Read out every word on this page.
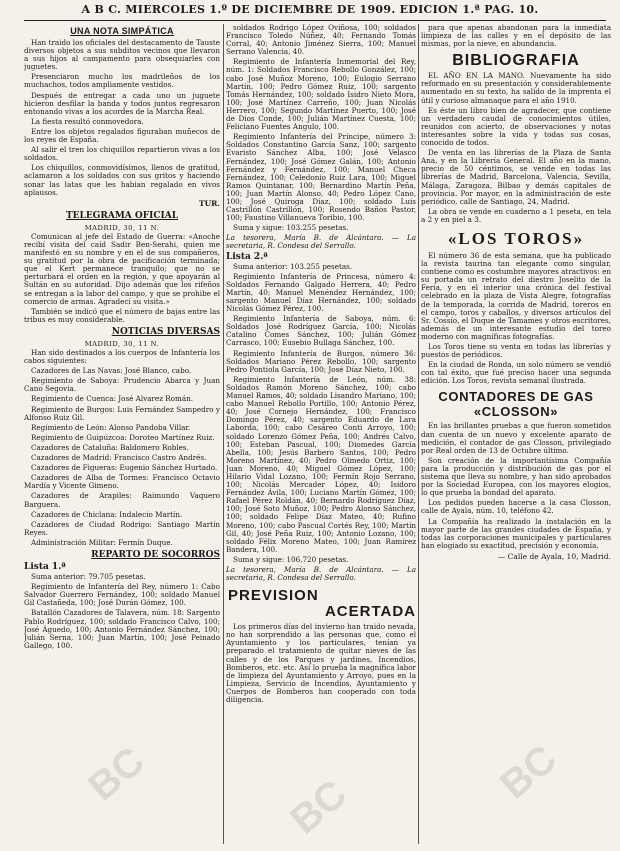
A B C. MIERCOLES 1.º DE DICIEMBRE DE 1909. EDICION 1.ª PAG. 10.
UNA NOTA SIMPÁTICA

Han traido los oficiales del destacamento de Tauste diversos objetos a sus subditos vecinos que llevaron a sus hijos al campamento para obsequiarles con juguetes.

Presenciaron mucho los madrileños de los muchachos, todos ampliamente vestidos.

Después de entregar a cada uno un juguete hicieron desfilar la banda y todos juntos regresaron entonando vivas a los acordes de la Marcha Real.

La fiesta resultó conmovedora.

Entre los objetos regalados figuraban muñecos de los reyes de España.

Al salir el tren los chiquillos repartieron vivas a los soldados.

Los chiquillos, conmovidísimos, llenos de gratitud, aclamaron a los soldados con sus gritos y haciendo sonar las latas que les habian regalado en vivos aplausos.

TUR.
TELEGRAMA OFICIAL
MADRID, 30, 11 N.

Comunican al jefe del Estado de Guerra: «Anoche recibí visita del caid Sadir Ben-Serahi, quien me manifestó en su nombre y en el de sus compañeros, su gratitud por la obra de pacificación terminada; que el Kert permanece tranquilo; que no se perturbará el orden en la región, y que apoyarán al Sultán en su autoridad. Dijo además que los rifeños se entregan a la labor del campo, y que se prohibe el comercio de armas. Agradecí su visita.»

También se indicó que el número de bajas entre las tribus es muy considerable.

NOTICIAS DIVERSAS
MADRID, 30, 11 N.

Han sido destinados a los cuerpos de Infantería los cabos siguientes:

Cazadores de Las Navas: José Blanco, cabo.

Regimiento de Saboya: Prudencio Abarca y Juan Cano Segovia.

Regimiento de Cuenca: José Alvarez Román.

Regimiento de Burgos: Luis Fernández Sampedro y Alfonso Ruiz Gil.

Regimiento de León: Alonso Pandoba Villar.

Regimiento de Guipúzcoa: Doroteo Martínez Ruiz.

Cazadores de Cataluña: Baldomero Robles.

Cazadores de Madrid: Francisco Castro Andrés.

Cazadores de Figueras: Eugenio Sánchez Hurtado.

Cazadores de Alba de Tormes: Francisco Octavio Mardía y Vicente Gimeno.

Cazadores de Arapiles: Raimundo Vaquero Barguera.

Cazadores de Chiclana: Indalecio Martín.

Cazadores de Ciudad Rodrigo: Santiago Martín Reyes.

Administración Militar: Fermín Duque.

REPARTO DE SOCORROS

Lista 1.ª

Suma anterior: 79.705 pesetas.

Regimiento de Infantería del Rey, número 1: Cabo Salvador Guerrero Fernández, 100; soldado Manuel Gil Castañeda, 100; José Durán Gómez, 100.

Batallón Cazadores de Talavera, núm. 18: Sargento Pablo Rodríguez, 100; soldado Francisco Calvo, 100; José Águedo, 100; Antonio Fernández Sánchez, 100; Julián Serna, 100; Juan Martín, 100; José Peinado Gallego, 100.

soldados Rodrigo López Oviñosa, 100; soldados Francisco Toledo Núñez, 40; Fernando Tomás Corral, 40; Antonio Jiménez Sierra, 100; Manuel Serrano Valencia, 40.

Regimiento de Infantería Inmemorial del Rey, núm. 1: Soldados Francisco Rebollo González, 100; cabo José Muñoz Moreno, 100; Eulogio Serrano Martín, 100; Pedro Gómez Ruiz, 100; sargento Tomás Hernández, 100; soldado Isidro Nieto Mora, 100; José Martínez Carreño, 100; Juan Nicolás Herrero, 100; Segundo Martínez Puerto, 100; José de Dios Conde, 100; Julián Martínez Cuesta, 100; Feliciano Fuentes Angulo, 100.

Regimiento Infantería del Príncipe, número 3: Soldados Constantino García Sanz, 100; sargento Evaristo Sánchez Alba, 100; José Velasco Fernández, 100; José Gómez Galán, 100; Antonio Fernández y Fernández, 100; Manuel Checa Fernández, 100; Celedonio Ruiz Lara, 100; Miguel Ramos Quintanar, 100; Bernardino Martín Peña, 100; Juan Martín Alonso, 40; Pedro López Cano, 100; José Quiroga Díaz, 100; soldado Luis Castrillón Castrillón, 100; Rosendo Baños Pastor, 100; Faustino Villanueva Toribio, 100.

Suma y sigue: 103.255 pesetas.

La tesorera, María B. de Alcántara. — La secretaria, R. Condesa del Serrallo.

Lista 2.ª

Suma anterior: 103.255 pesetas.

Regimiento Infantería de Princesa, número 4: Soldados Fernando Galgado Herrera, 40; Pedro Martín, 40; Manuel Menéndez Hernández, 100; sargento Manuel Díaz Hernández, 100; soldado Nicolás Gómez Pérez, 100.

Regimiento Infantería de Saboya, núm. 6: Soldados José Rodríguez García, 100; Nicolás Catalino Comes Sánchez, 100; Julián Gómez Carrasco, 100; Eusebio Bullaga Sánchez, 100.

Regimiento Infantería de Burgos, número 36: Soldados Mariano Pérez Rebollo, 100; sargento Pedro Pontiola García, 100; José Díaz Nieto, 100.

Regimiento Infantería de León, núm. 38: Soldados Ramón Moreno Sánchez, 100; cabo Manuel Ramos, 40; soldado Lisandro Mariano, 100; cabo Manuel Rebollo Portillo, 100; Antonio Pérez, 40; José Cornejo Hernández, 100; Francisco Domingo Pérez, 40; sargento Eduardo de Lara Laborda, 100; cabo Cesáreo Conti Arroyo, 100; soldado Lorenzo Gómez Peña, 100; Andrés Calvo, 100; Esteban Pascual, 100; Diomedes García Abella, 100; Jesús Barbero Santos, 100; Pedro Moreno Martínez, 40; Pedro Olmedo Ortiz, 100; Juan Moreno, 40; Miguel Gómez López, 100; Hilario Vidal Lozano, 100; Fermín Rojo Serrano, 100; Nicolás Mercader López, 40; Isidoro Fernández Ávila, 100; Luciano Martín Gómez, 100; Rafael Pérez Roldán, 40; Bernardo Rodríguez Díaz, 100; José Soto Muñoz, 100; Pedro Alonso Sánchez, 100; soldado Felipe Díaz Mateo, 40; Rufino Moreno, 100; cabo Pascual Cortés Rey, 100; Martín Gil, 40; José Peña Ruiz, 100; Antonio Lozano, 100; soldado Félix Moreno Mateo, 100; Juan Ramírez Bandera, 100.

Suma y sigue: 106.720 pesetas.

La tesorera, María B. de Alcántara. — La secretaria, R. Condesa del Serrallo.

PREVISION
ACERTADA

Los primeros días del invierno han traido nevada, no han sorprendido a las personas que, como el Ayuntamiento y los particulares, tenían ya preparado el tratamiento de quitar nieves de las calles y de los Parques y jardines, Incendios, Bomberos, etc. etc. Así lo prueba la magnífica labor de limpieza del Ayuntamiento y Arroyo, pues en la Limpieza, Servicio de Incendios, Ayuntamiento y Cuerpos de Bomberos han cooperado con toda diligencia.

para que apenas abandonan para la inmediata limpieza de las calles y en el depósito de las mismas, por la nieve, en abundancia.

BIBLIOGRAFIA

EL AÑO EN LA MANO. Nuevamente ha sido reformado en su presentación y considerablemente aumentado en su texto, ha salido de la imprenta el útil y curioso almanaque para el año 1910.

Es éste un libro bien de agradecer, que contiene un verdadero caudal de conocimientos útiles, reunidos con acierto, de observaciones y notas interesantes sobre la vida y todas sus cosas, conocido de todos.

De venta en las librerías de la Plaza de Santa Ana, y en la Librería General. El año en la mano, precio de 50 céntimos, se vende en todas las librerías de Madrid, Barcelona, Valencia, Sevilla, Málaga, Zaragoza, Bilbao y demás capitales de provincia. Por mayor, en la administración de este periódico, calle de Santiago, 24, Madrid.

La obra se vende en cuaderno a 1 peseta, en tela a 2 y en piel a 3.

«LOS TOROS»

El número 36 de esta semana, que ha publicado la revista taurina tan elegante como singular, contiene como es costumbre mayores atractivos: en su portada un retrato del diestro Joselito de la Feria, y en el interior una crónica del festival celebrado en la plaza de Vista Alegre, fotografías de la temporada, la corrida de Madrid, toreros en el campo, toros y caballos, y diversos artículos del Sr. Cossío, el Duque de Tamames y otros escritores, además de un interesante estudio del toreo moderno con magníficas fotografías.

Los Toros tiene su venta en todas las librerías y puestos de periódicos.

En la ciudad de Ronda, un solo número se vendió con tal éxito, que fué preciso hacer una segunda edición. Los Toros, revista semanal ilustrada.

CONTADORES DE GAS
«CLOSSON»

En las brillantes pruebas a que fueron sometidos dan cuenta de un nuevo y excelente aparato de medición, el contador de gas Closson, privilegiado por Real orden de 13 de Octubre último.

Son creación de la importantísima Compañía para la producción y distribución de gas por el sistema que lleva su nombre, y han sido aprobados por la Sociedad Europea, con los mayores elogios, lo que prueba la bondad del aparato.

Los pedidos pueden hacerse a la casa Closson, calle de Ayala, núm. 10, teléfono 42.

La Compañía ha realizado la instalación en la mayor parte de las grandes ciudades de España, y todas las corporaciones municipales y particulares han elogiado su exactitud, precisión y economía.

— Calle de Ayala, 10, Madrid.
BC	BC	BC
